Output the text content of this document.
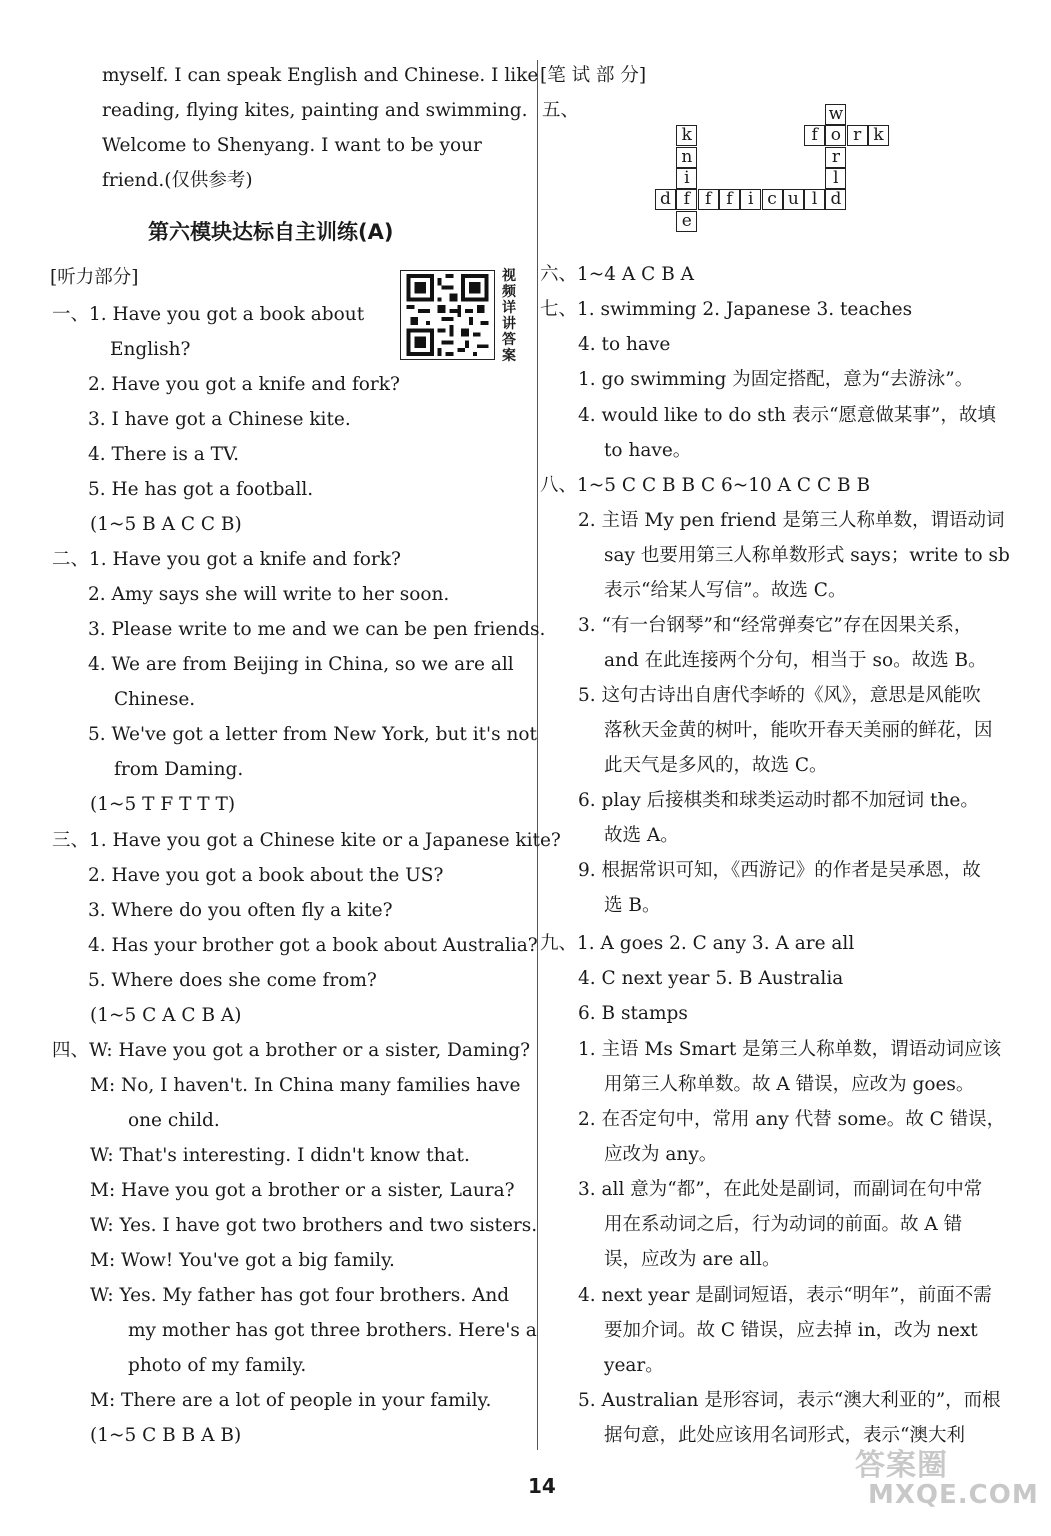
myself. I can speak English and Chinese. I like
reading, flying kites, painting and swimming.
Welcome to Shenyang. I want to be your
friend.(仅供参考)
第六模块达标自主训练(A)
[听力部分]
一、1. Have you got a book about
English?
2. Have you got a knife and fork?
3. I have got a Chinese kite.
4. There is a TV.
5. He has got a football.
(1~5 B A C C B)
二、1. Have you got a knife and fork?
2. Amy says she will write to her soon.
3. Please write to me and we can be pen friends.
4. We are from Beijing in China, so we are all
Chinese.
5. We've got a letter from New York, but it's not
from Daming.
(1~5 T F T T T)
三、1. Have you got a Chinese kite or a Japanese kite?
2. Have you got a book about the US?
3. Where do you often fly a kite?
4. Has your brother got a book about Australia?
5. Where does she come from?
(1~5 C A C B A)
四、W: Have you got a brother or a sister, Daming?
M: No, I haven't. In China many families have
one child.
W: That's interesting. I didn't know that.
M: Have you got a brother or a sister, Laura?
W: Yes. I have got two brothers and two sisters.
M: Wow! You've got a big family.
W: Yes. My father has got four brothers. And
my mother has got three brothers. Here's a
photo of my family.
M: There are a lot of people in your family.
(1~5 C B B A B)
视频详讲答案
[笔 试 部 分]
五、
六、1~4 A C B A
七、1. swimming 2. Japanese 3. teaches
4. to have
1. go swimming 为固定搭配，意为“去游泳”。
4. would like to do sth 表示“愿意做某事”，故填
to have。
八、1~5 C C B B C 6~10 A C C B B
2. 主语 My pen friend 是第三人称单数，谓语动词
say 也要用第三人称单数形式 says；write to sb
表示“给某人写信”。故选 C。
3. “有一台钢琴”和“经常弹奏它”存在因果关系，
and 在此连接两个分句，相当于 so。故选 B。
5. 这句古诗出自唐代李峤的《风》，意思是风能吹
落秋天金黄的树叶，能吹开春天美丽的鲜花，因
此天气是多风的，故选 C。
6. play 后接棋类和球类运动时都不加冠词 the。
故选 A。
9. 根据常识可知，《西游记》的作者是吴承恩，故
选 B。
九、1. A goes 2. C any 3. A are all
4. C next year 5. B Australia
6. B stamps
1. 主语 Ms Smart 是第三人称单数，谓语动词应该
用第三人称单数。故 A 错误，应改为 goes。
2. 在否定句中，常用 any 代替 some。故 C 错误，
应改为 any。
3. all 意为“都”，在此处是副词，而副词在句中常
用在系动词之后，行为动词的前面。故 A 错
误，应改为 are all。
4. next year 是副词短语，表示“明年”，前面不需
要加介词。故 C 错误，应去掉 in，改为 next
year。
5. Australian 是形容词，表示“澳大利亚的”，而根
据句意，此处应该用名词形式，表示“澳大利
d f f f i c u l d
k
n
i
e
w
o
r
l
f	r k
14
答案圈
MXQE.COM
